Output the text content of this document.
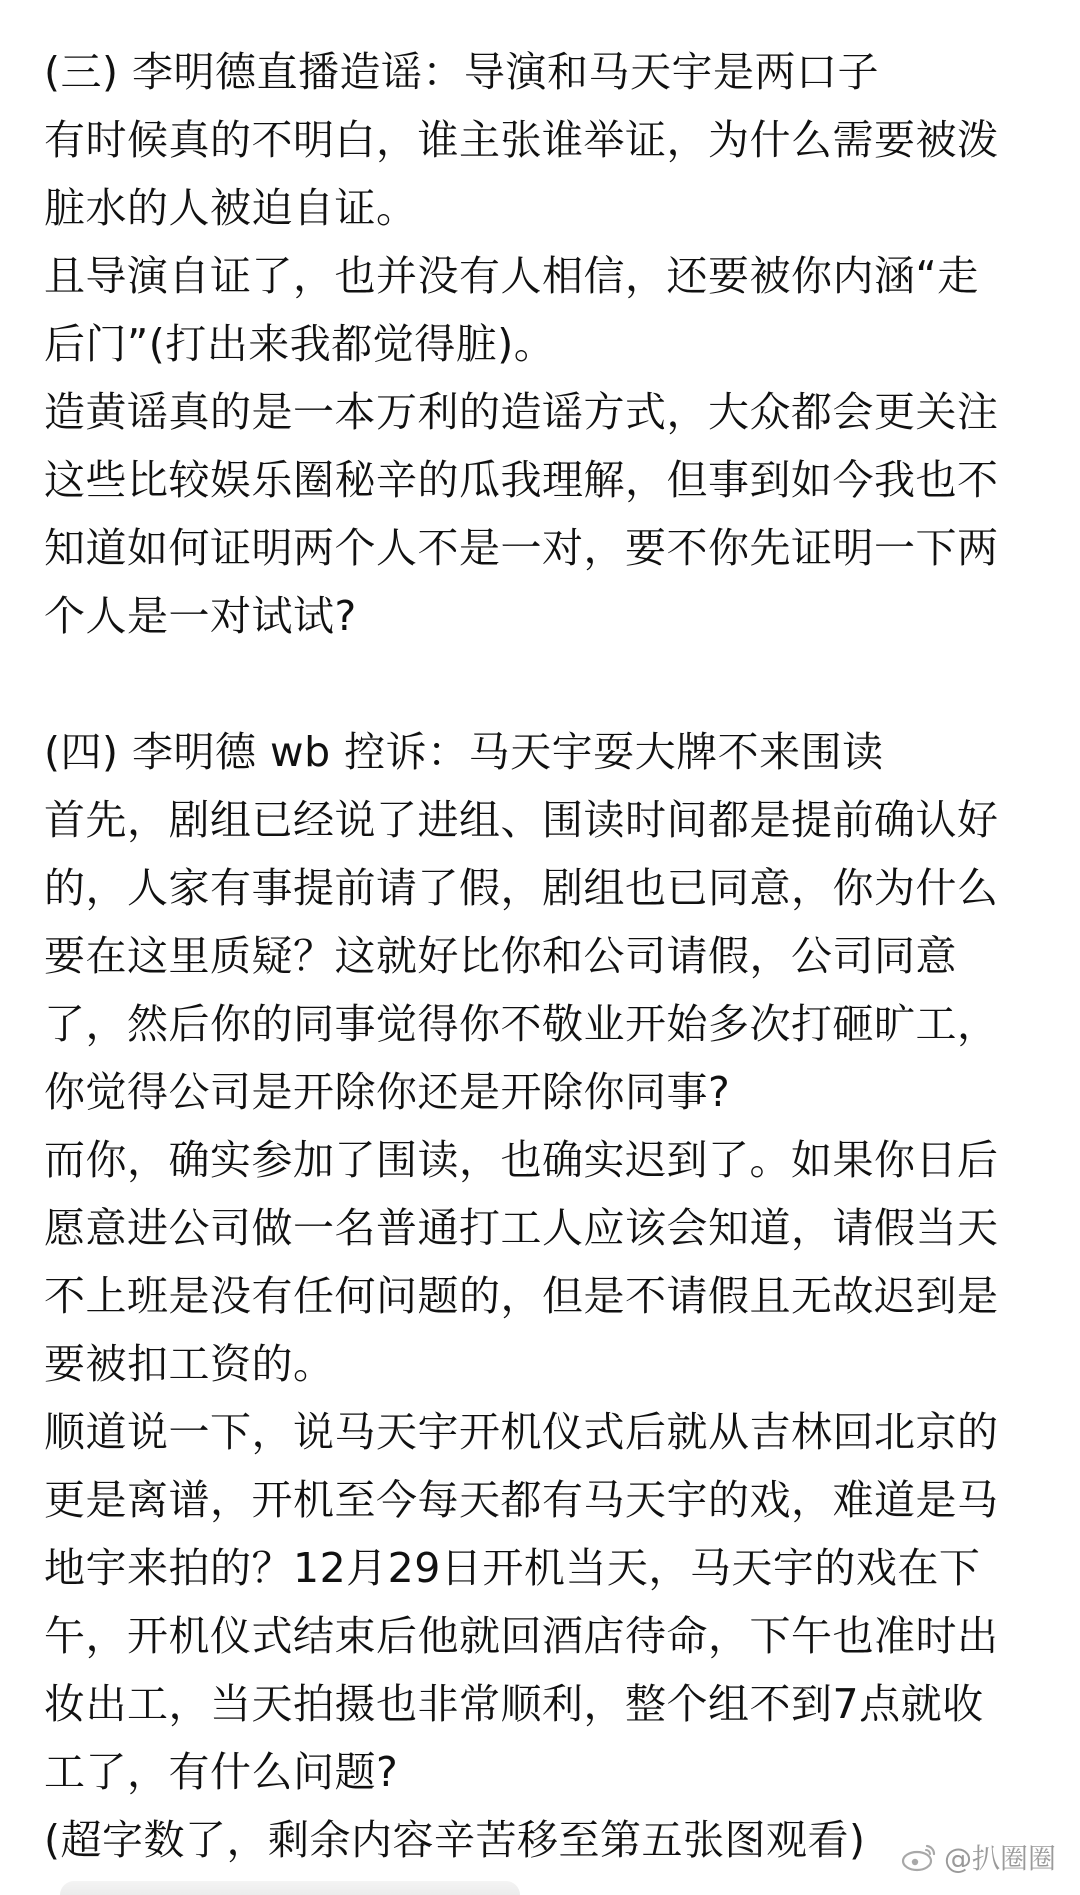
(三) 李明德直播造谣：导演和马天宇是两口子
有时候真的不明白，谁主张谁举证，为什么需要被泼
脏水的人被迫自证。
且导演自证了，也并没有人相信，还要被你内涵“走
后门”(打出来我都觉得脏)。
造黄谣真的是一本万利的造谣方式，大众都会更关注
这些比较娱乐圈秘辛的瓜我理解，但事到如今我也不
知道如何证明两个人不是一对，要不你先证明一下两
个人是一对试试?
(四) 李明德 wb 控诉：马天宇耍大牌不来围读
首先，剧组已经说了进组、围读时间都是提前确认好
的，人家有事提前请了假，剧组也已同意，你为什么
要在这里质疑？这就好比你和公司请假，公司同意
了，然后你的同事觉得你不敬业开始多次打砸旷工，
你觉得公司是开除你还是开除你同事?
而你，确实参加了围读，也确实迟到了。如果你日后
愿意进公司做一名普通打工人应该会知道，请假当天
不上班是没有任何问题的，但是不请假且无故迟到是
要被扣工资的。
顺道说一下，说马天宇开机仪式后就从吉林回北京的
更是离谱，开机至今每天都有马天宇的戏，难道是马
地宇来拍的？12月29日开机当天，马天宇的戏在下
午，开机仪式结束后他就回酒店待命，下午也准时出
妆出工，当天拍摄也非常顺利，整个组不到7点就收
工了，有什么问题?
(超字数了，剩余内容辛苦移至第五张图观看)	@扒圈圈
